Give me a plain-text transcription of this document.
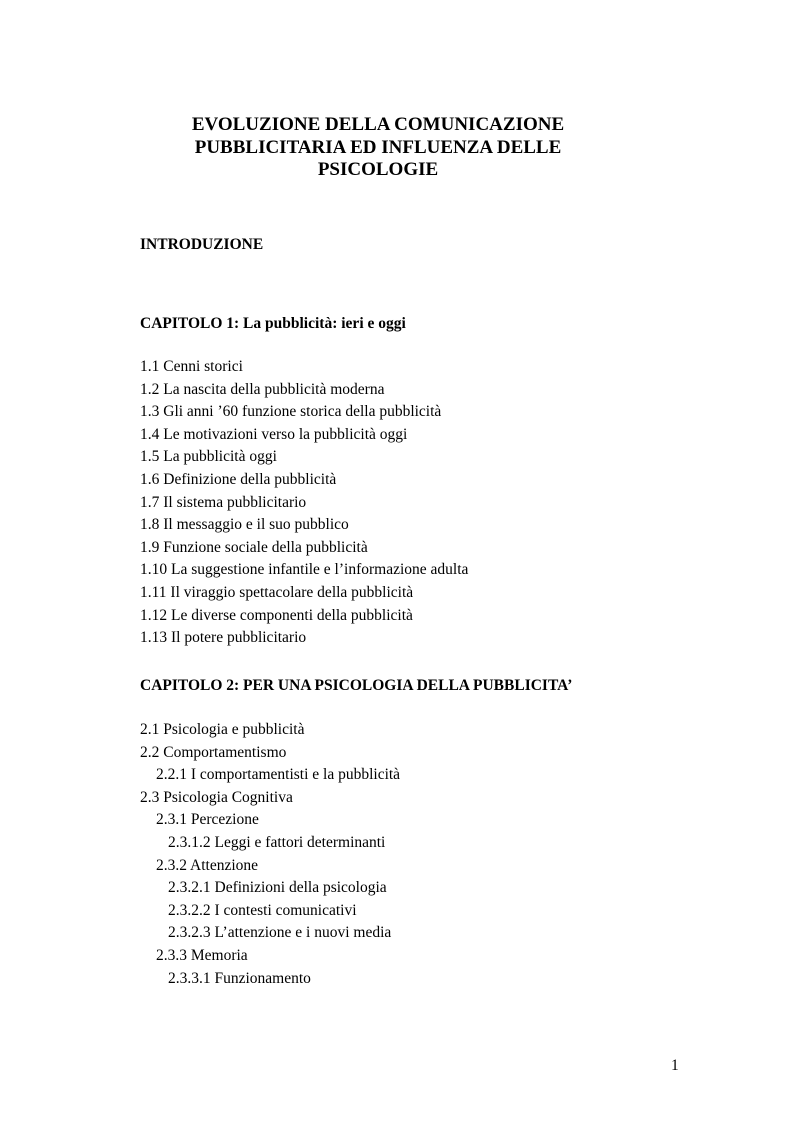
EVOLUZIONE DELLA COMUNICAZIONE
PUBBLICITARIA ED INFLUENZA DELLE
PSICOLOGIE
INTRODUZIONE
CAPITOLO 1: La pubblicità: ieri e oggi
1.1 Cenni storici
1.2 La nascita della pubblicità moderna
1.3 Gli anni ’60 funzione storica della pubblicità
1.4 Le motivazioni verso la pubblicità oggi
1.5 La pubblicità oggi
1.6 Definizione della pubblicità
1.7 Il sistema pubblicitario
1.8 Il messaggio e il suo pubblico
1.9 Funzione sociale della pubblicità
1.10 La suggestione infantile e l’informazione adulta
1.11 Il viraggio spettacolare della pubblicità
1.12 Le diverse componenti della pubblicità
1.13 Il potere pubblicitario
CAPITOLO 2: PER UNA PSICOLOGIA DELLA PUBBLICITA’
2.1 Psicologia e pubblicità
2.2 Comportamentismo
2.2.1 I comportamentisti e la pubblicità
2.3 Psicologia Cognitiva
2.3.1 Percezione
2.3.1.2 Leggi e fattori determinanti
2.3.2 Attenzione
2.3.2.1 Definizioni della psicologia
2.3.2.2 I contesti comunicativi
2.3.2.3 L’attenzione e i nuovi media
2.3.3 Memoria
2.3.3.1 Funzionamento
1
